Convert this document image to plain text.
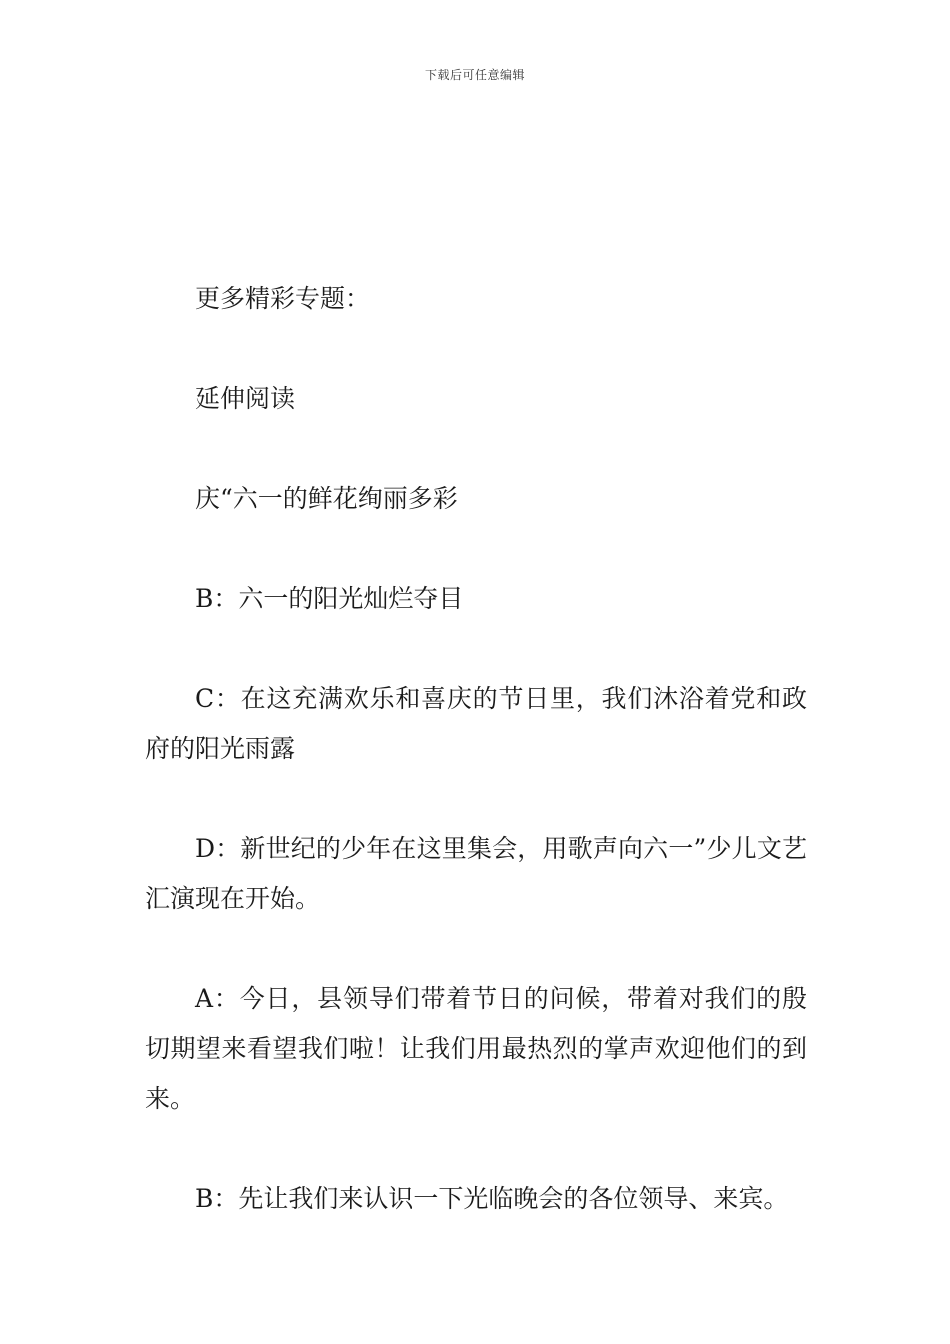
下载后可任意编辑

更多精彩专题：

延伸阅读

庆“六一的鲜花绚丽多彩

B：六一的阳光灿烂夺目

C：在这充满欢乐和喜庆的节日里，我们沐浴着党和政府的阳光雨露

D：新世纪的少年在这里集会，用歌声向六一”少儿文艺汇演现在开始。

A：今日，县领导们带着节日的问候，带着对我们的殷切期望来看望我们啦！让我们用最热烈的掌声欢迎他们的到来。

B：先让我们来认识一下光临晚会的各位领导、来宾。
